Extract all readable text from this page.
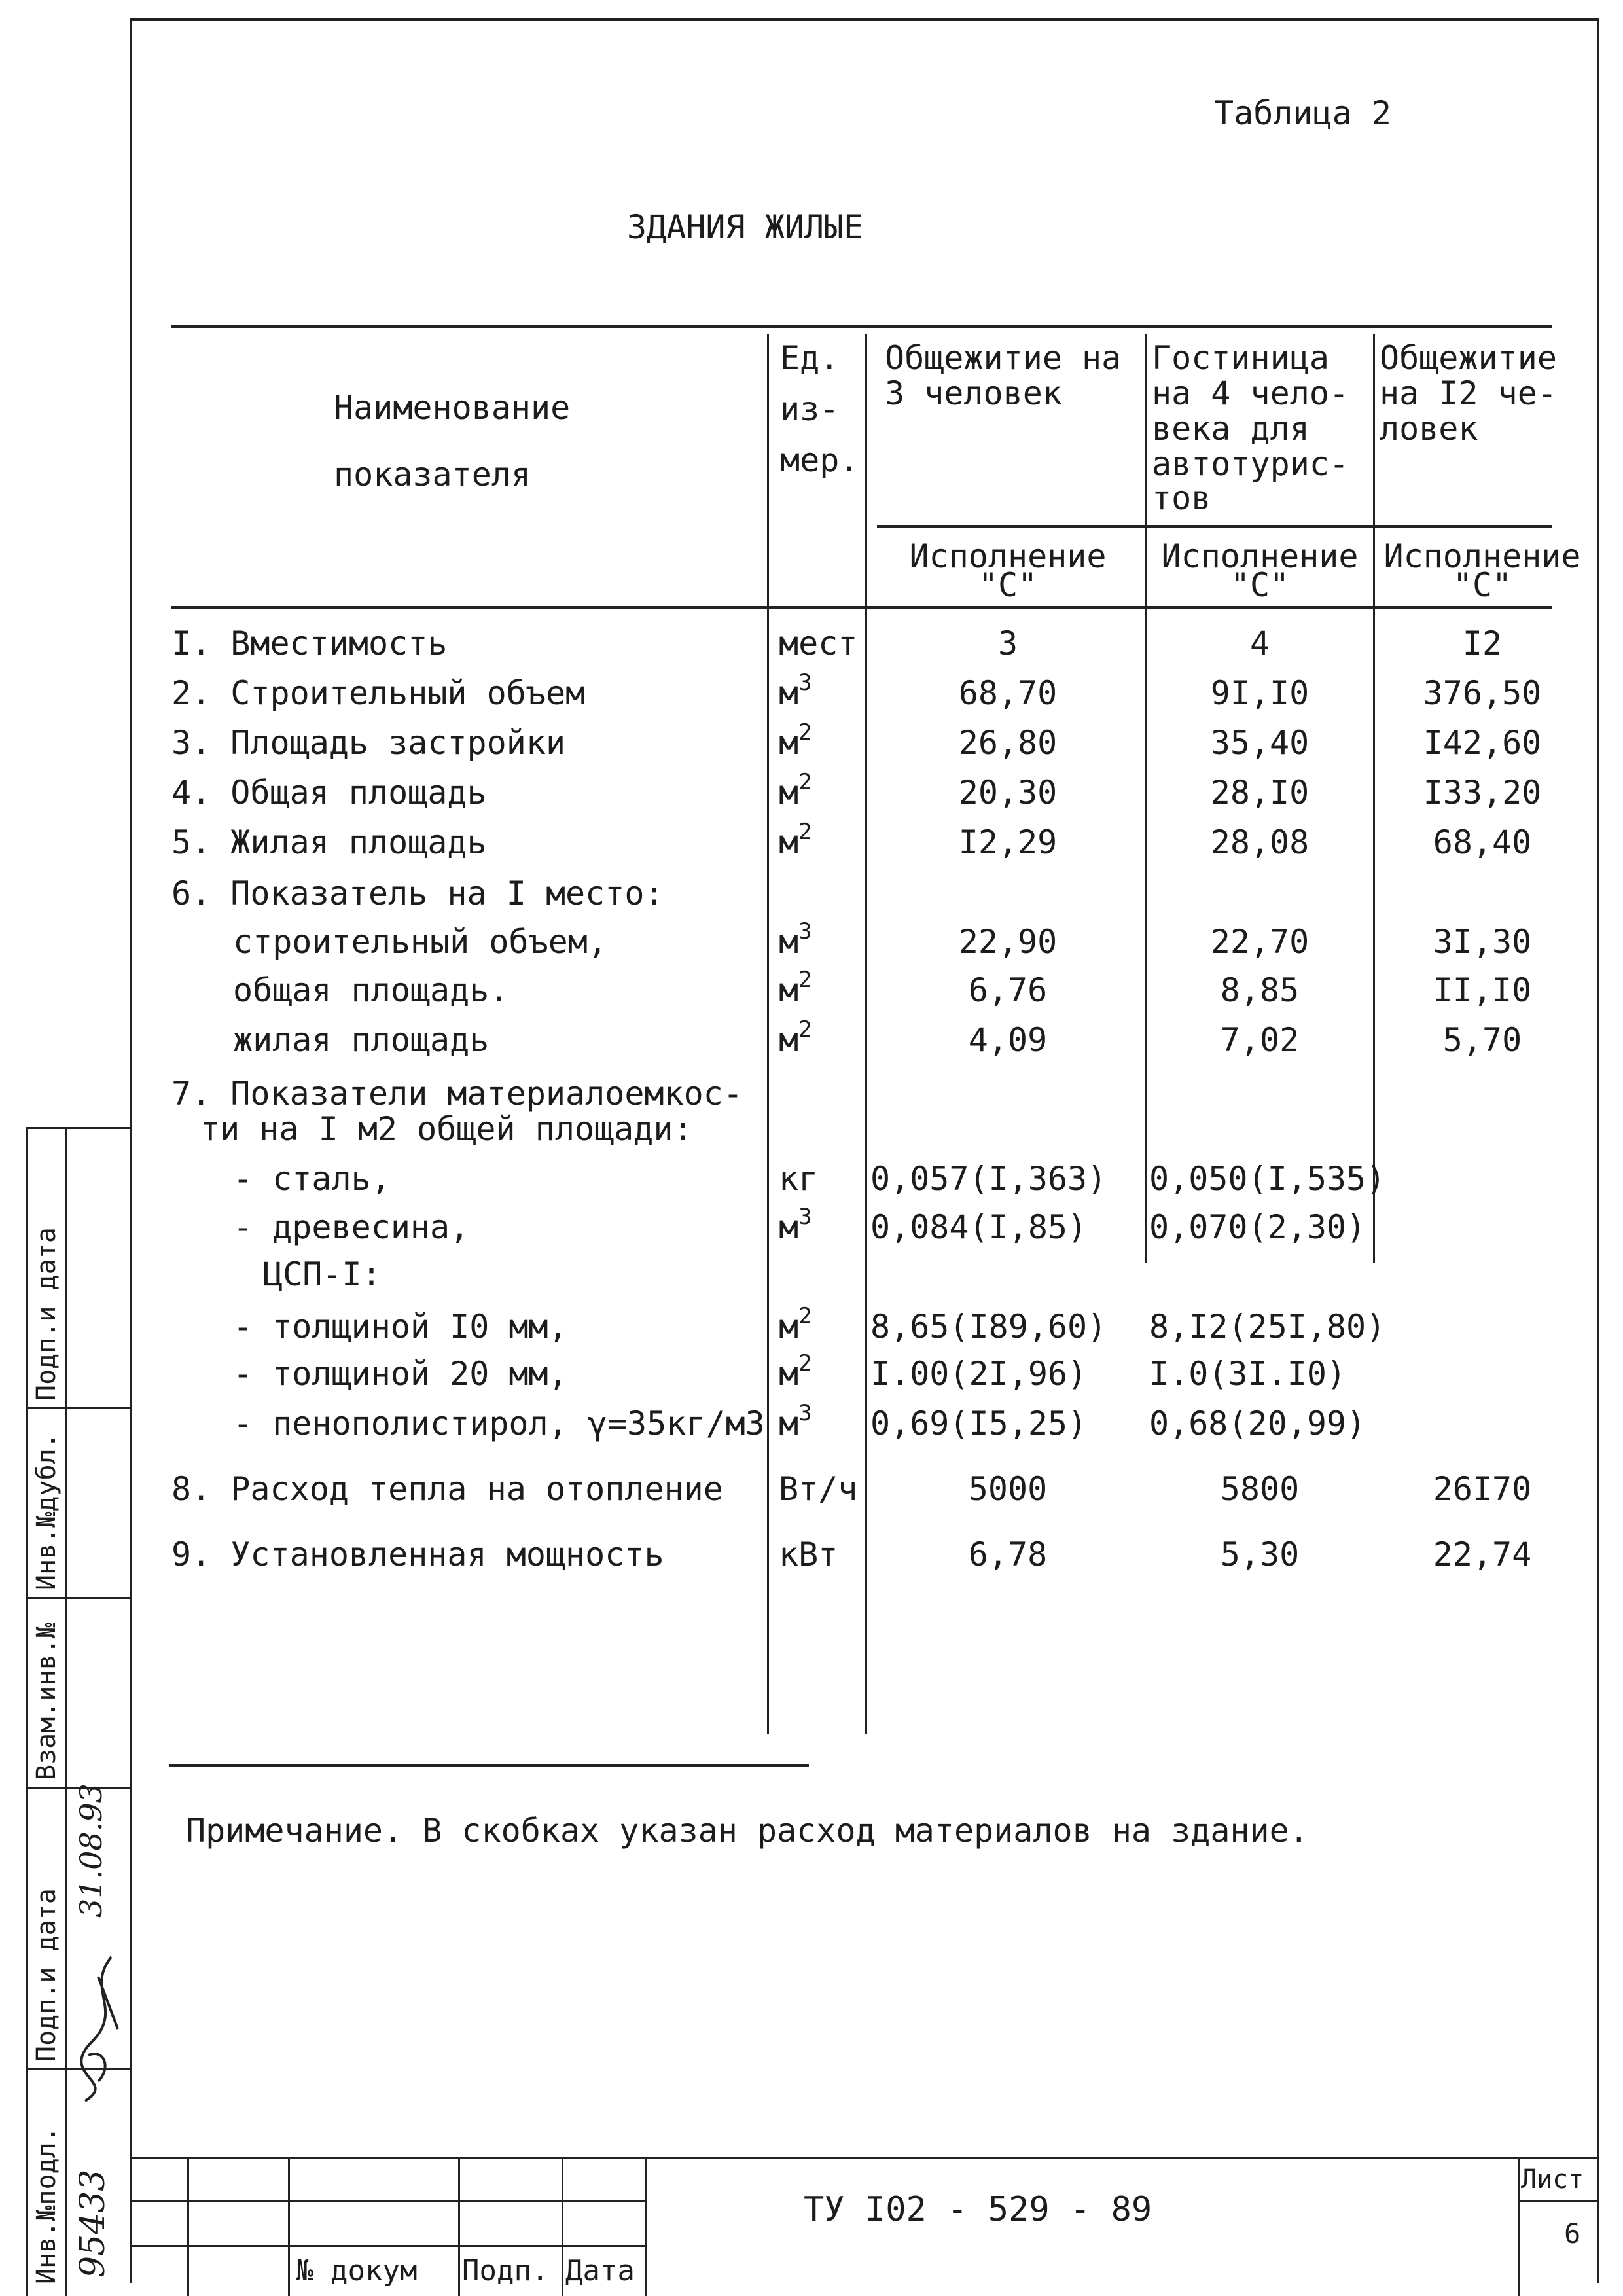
Таблица 2
ЗДАНИЯ ЖИЛЫЕ
Наименование
показателя
Ед.
из-
мер.
Общежитие на
3 человек
Гостиница
на 4 чело-
века для
автотурис-
тов
Общежитие
на I2 че-
ловек
Исполнение
"С"
Исполнение
"С"
Исполнение
"С"
I. Вместимость	мест	3	4	I2
2. Строительный объем	$м^3$	68,70	9I,I0	376,50
3. Площадь застройки	$м^2$	26,80	35,40	I42,60
4. Общая площадь	$м^2$	20,30	28,I0	I33,20
5. Жилая площадь	$м^2$	I2,29	28,08	68,40
6. Показатель на I место:
строительный объем,	$м^3$	22,90	22,70	3I,30
общая площадь.	$м^2$	6,76	8,85	II,I0
жилая площадь	$м^2$	4,09	7,02	5,70
7. Показатели материалоемкос-
ти на I м2 общей площади:
- сталь,	кг 0,057(I,363)	0,050(I,535)
- древесина,	$м^3$ 0,084(I,85)	0,070(2,30)
ЦСП-I:
- толщиной I0 мм,	$м^2$ 8,65(I89,60)	8,I2(25I,80)
- толщиной 20 мм,	$м^2$ I.00(2I,96)	I.0(3I.I0)
- пенополистирол, γ=35кг/м3 $м^3$ 0,69(I5,25)	0,68(20,99)
8. Расход тепла на отопление Вт/ч	5000	5800	26I70
9. Установленная мощность	кВт	6,78	5,30	22,74
Примечание. В скобках указан расход материалов на здание.
Подп.и дата
Инв.№дубл.
Взам.инв.№
Подп.и дата
Инв.№подл. 95433
31.08.93
№ докум Подп. Дата
ТУ I02 - 529 - 89
Лист
6
